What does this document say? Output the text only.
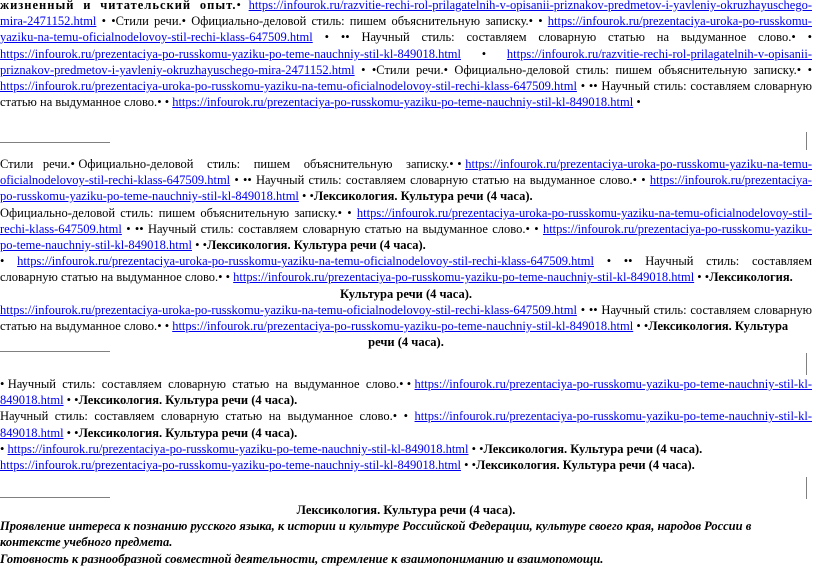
жизненный и читательский опыт.• https://infourok.ru/razvitie-rechi-rol-prilagatelnih-v-opisanii-priznakov-predmetov-i-yavleniy-okruzhayuschego-mira-2471152.html • •Стили речи.• Официально-деловой стиль: пишем объяснительную записку.• • https://infourok.ru/prezentaciya-uroka-po-russkomu-yaziku-na-temu-oficialnodelovoy-stil-rechi-klass-647509.html • •• Научный стиль: составляем словарную статью на выдуманное слово.• • https://infourok.ru/prezentaciya-po-russkomu-yaziku-po-teme-nauchniy-stil-kl-849018.html • https://infourok.ru/razvitie-rechi-rol-prilagatelnih-v-opisanii-priznakov-predmetov-i-yavleniy-okruzhayuschego-mira-2471152.html • •Стили речи.• Официально-деловой стиль: пишем объяснительную записку.• • https://infourok.ru/prezentaciya-uroka-po-russkomu-yaziku-na-temu-oficialnodelovoy-stil-rechi-klass-647509.html • •• Научный стиль: составляем словарную статью на выдуманное слово.• • https://infourok.ru/prezentaciya-po-russkomu-yaziku-po-teme-nauchniy-stil-kl-849018.html •

Стили речи.• Официально-деловой стиль: пишем объяснительную записку.• • https://infourok.ru/prezentaciya-uroka-po-russkomu-yaziku-na-temu-oficialnodelovoy-stil-rechi-klass-647509.html • •• Научный стиль: составляем словарную статью на выдуманное слово.• • https://infourok.ru/prezentaciya-po-russkomu-yaziku-po-teme-nauchniy-stil-kl-849018.html • •Лексикология. Культура речи (4 часа).

Официально-деловой стиль: пишем объяснительную записку.• • https://infourok.ru/prezentaciya-uroka-po-russkomu-yaziku-na-temu-oficialnodelovoy-stil-rechi-klass-647509.html • •• Научный стиль: составляем словарную статью на выдуманное слово.• • https://infourok.ru/prezentaciya-po-russkomu-yaziku-po-teme-nauchniy-stil-kl-849018.html • •Лексикология. Культура речи (4 часа).

• https://infourok.ru/prezentaciya-uroka-po-russkomu-yaziku-na-temu-oficialnodelovoy-stil-rechi-klass-647509.html • •• Научный стиль: составляем словарную статью на выдуманное слово.• • https://infourok.ru/prezentaciya-po-russkomu-yaziku-po-teme-nauchniy-stil-kl-849018.html • •Лексикология.

Культура речи (4 часа).

https://infourok.ru/prezentaciya-uroka-po-russkomu-yaziku-na-temu-oficialnodelovoy-stil-rechi-klass-647509.html • •• Научный стиль: составляем словарную статью на выдуманное слово.• • https://infourok.ru/prezentaciya-po-russkomu-yaziku-po-teme-nauchniy-stil-kl-849018.html • •Лексикология. Культура

речи (4 часа).

• Научный стиль: составляем словарную статью на выдуманное слово.• • https://infourok.ru/prezentaciya-po-russkomu-yaziku-po-teme-nauchniy-stil-kl-849018.html • •Лексикология. Культура речи (4 часа).

Научный стиль: составляем словарную статью на выдуманное слово.• • https://infourok.ru/prezentaciya-po-russkomu-yaziku-po-teme-nauchniy-stil-kl-849018.html • •Лексикология. Культура речи (4 часа).

• https://infourok.ru/prezentaciya-po-russkomu-yaziku-po-teme-nauchniy-stil-kl-849018.html • •Лексикология. Культура речи (4 часа).

https://infourok.ru/prezentaciya-po-russkomu-yaziku-po-teme-nauchniy-stil-kl-849018.html • •Лексикология. Культура речи (4 часа).

Лексикология. Культура речи (4 часа).

Проявление интереса к познанию русского языка, к истории и культуре Российской Федерации, культуре своего края, народов России в контексте учебного предмета.

Готовность к разнообразной совместной деятельности, стремление к взаимопониманию и взаимопомощи.
